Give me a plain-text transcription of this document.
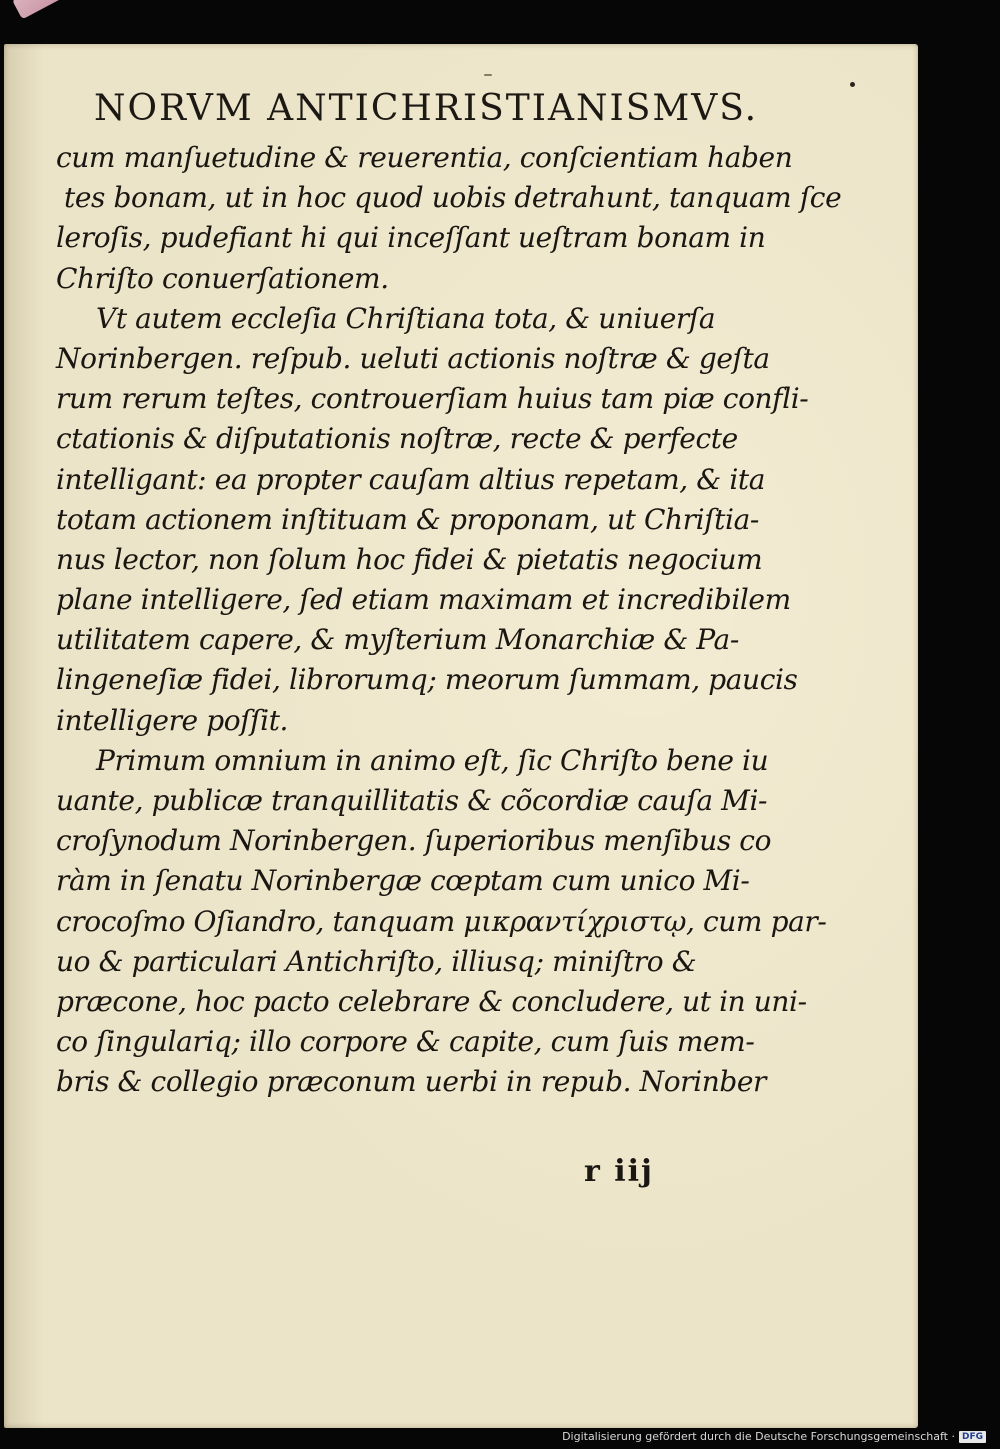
NORVM ANTICHRISTIANISMVS.
cum manſuetudine & reuerentia, conſcientiam haben
tes bonam, ut in hoc quod uobis detrahunt, tanquam ſce
leroſis, pudefiant hi qui inceſſant ueſtram bonam in
Chriſto conuerſationem.
Vt autem eccleſia Chriſtiana tota, & uniuerſa
Norinbergen. reſpub. ueluti actionis noſtræ & geſta
rum rerum teſtes, controuerſiam huius tam piæ confli-
ctationis & diſputationis noſtræ, recte & perfecte
intelligant: ea propter cauſam altius repetam, & ita
totam actionem inſtituam & proponam, ut Chriſtia-
nus lector, non ſolum hoc fidei & pietatis negocium
plane intelligere, ſed etiam maximam et incredibilem
utilitatem capere, & myſterium Monarchiæ & Pa-
lingeneſiæ fidei, librorumq; meorum ſummam, paucis
intelligere poſſit.
Primum omnium in animo eſt, ſic Chriſto bene iu
uante, publicæ tranquillitatis & cõcordiæ cauſa Mi-
croſynodum Norinbergen. ſuperioribus menſibus co
ràm in ſenatu Norinbergæ cœptam cum unico Mi-
crocoſmo Oſiandro, tanquam μικραντίχριστῳ, cum par-
uo & particulari Antichriſto, illiusq; miniſtro &
præcone, hoc pacto celebrare & concludere, ut in uni-
co ſingulariq; illo corpore & capite, cum ſuis mem-
bris & collegio præconum uerbi in repub. Norinber
r iij
Digitalisierung gefördert durch die Deutsche Forschungsgemeinschaft · DFG
